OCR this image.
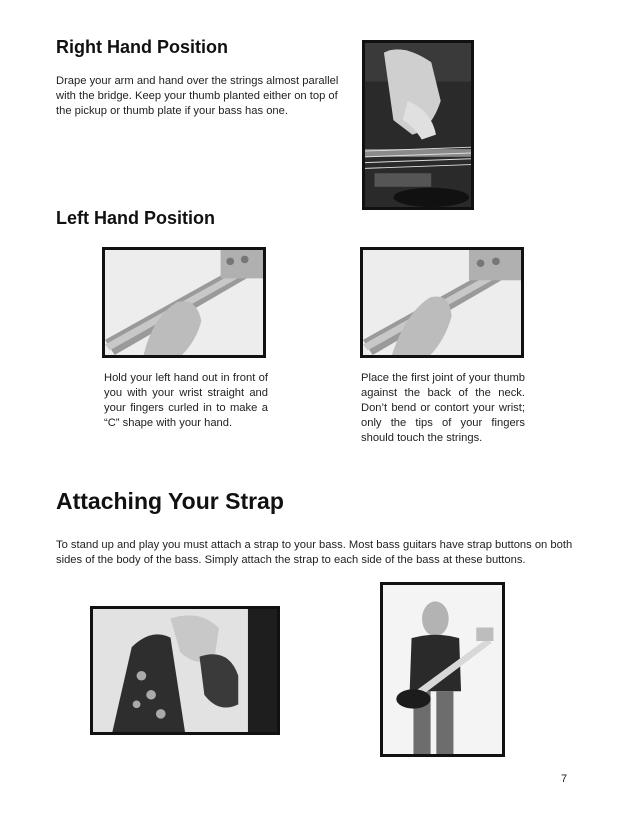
Right Hand Position

Drape your arm and hand over the strings almost parallel with the bridge. Keep your thumb planted either on top of the pickup or thumb plate if your bass has one.

Left Hand Position

Hold your left hand out in front of you with your wrist straight and your fingers curled in to make a “C” shape with your hand.

Place the first joint of your thumb against the back of the neck. Don’t bend or contort your wrist; only the tips of your fingers should touch the strings.

Attaching Your Strap

To stand up and play you must attach a strap to your bass. Most bass guitars have strap buttons on both sides of the body of the bass. Simply attach the strap to each side of the bass at these buttons.

7
